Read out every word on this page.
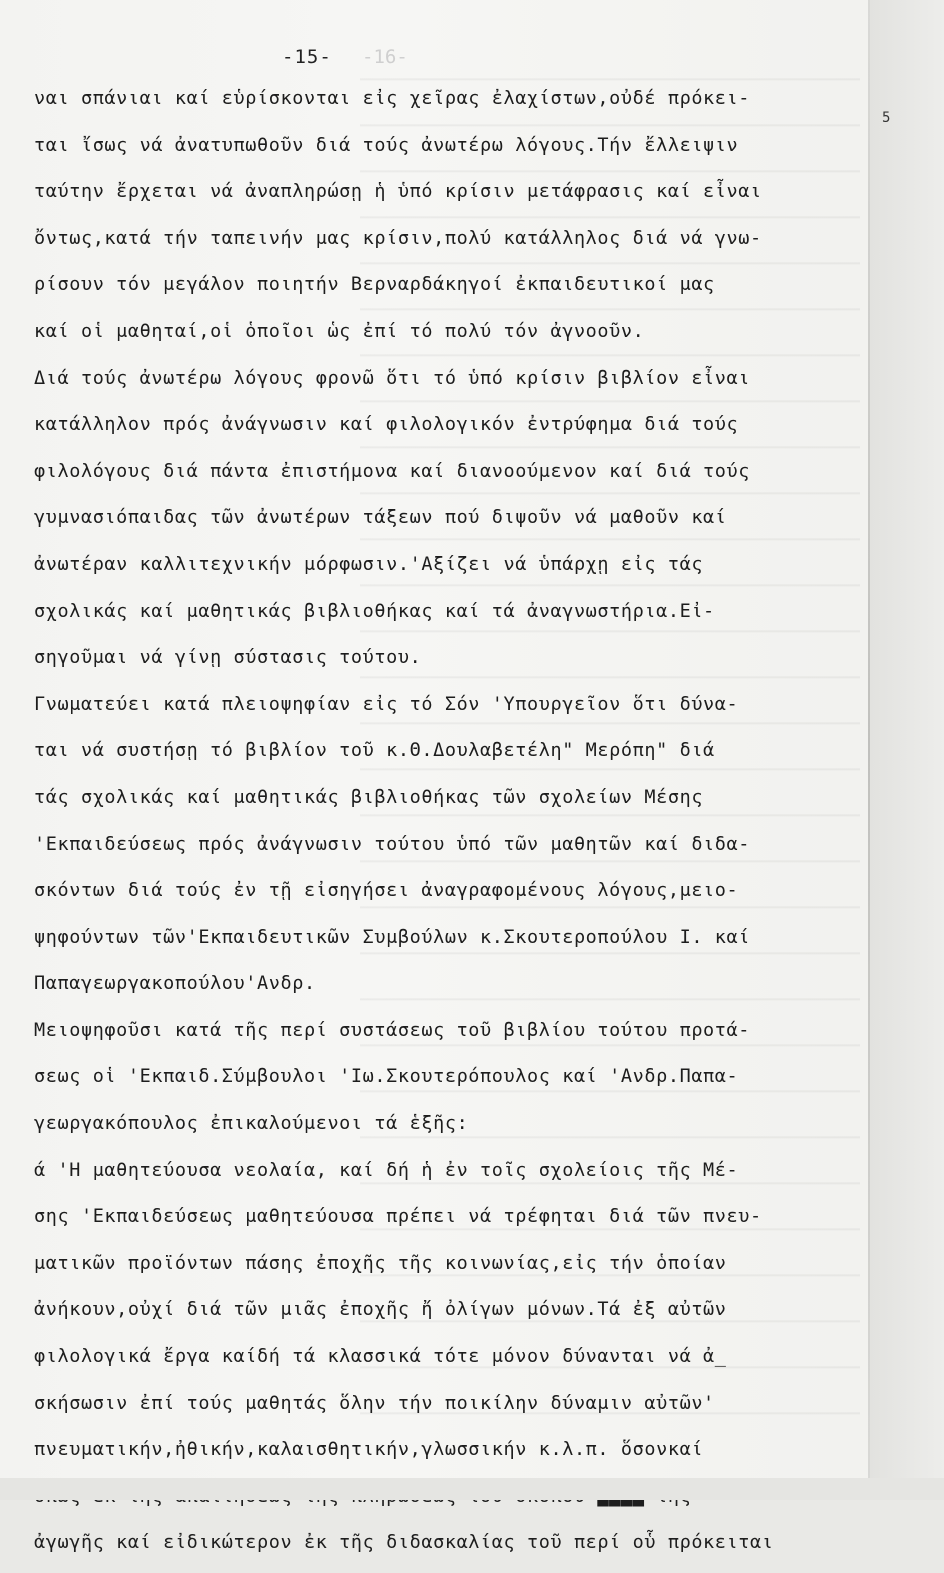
-16-
-15-
ναι σπάνιαι καί εὑρίσκονται εἰς χεῖρας ἐλαχίστων,οὐδέ πρόκει-
ται ἴσως νά ἀνατυπωθοῦν διά τούς ἀνωτέρω λόγους.Τήν ἔλλειψιν
ταύτην ἔρχεται νά ἀναπληρώσῃ ἡ ὑπό κρίσιν μετάφρασις καί εἶναι
ὄντως,κατά τήν ταπεινήν μας κρίσιν,πολύ κατάλληλος διά νά γνω-
ρίσουν τόν μεγάλον ποιητήν Βερναρδάκηγοί ἐκπαιδευτικοί μας
καί οἱ μαθηταί,οἱ ὁποῖοι ὡς ἐπί τό πολύ τόν ἀγνοοῦν.
Διά τούς ἀνωτέρω λόγους φρονῶ ὅτι τό ὑπό κρίσιν βιβλίον εἶναι
κατάλληλον πρός ἀνάγνωσιν καί φιλολογικόν ἐντρύφημα διά τούς
φιλολόγους διά πάντα ἐπιστήμονα καί διανοούμενον καί διά τούς
γυμνασιόπαιδας τῶν ἀνωτέρων τάξεων πού διψοῦν νά μαθοῦν καί
ἀνωτέραν καλλιτεχνικήν μόρφωσιν.'Αξίζει νά ὑπάρχῃ εἰς τάς
σχολικάς καί μαθητικάς βιβλιοθήκας καί τά ἀναγνωστήρια.Εἰ-
σηγοῦμαι νά γίνῃ σύστασις τούτου.
Γνωματεύει κατά πλειοψηφίαν εἰς τό Σόν 'Υπουργεῖον ὅτι δύνα-
ται νά συστήσῃ τό βιβλίον τοῦ κ.Θ.Δουλαβετέλη" Μερόπη" διά
τάς σχολικάς καί μαθητικάς βιβλιοθήκας τῶν σχολείων Μέσης
'Εκπαιδεύσεως πρός ἀνάγνωσιν τούτου ὑπό τῶν μαθητῶν καί διδα-
σκόντων διά τούς ἐν τῇ εἰσηγήσει ἀναγραφομένους λόγους,μειο-
ψηφούντων τῶν'Εκπαιδευτικῶν Συμβούλων κ.Σκουτεροπούλου Ι. καί
Παπαγεωργακοπούλου'Ανδρ.
Μειοψηφοῦσι κατά τῆς περί συστάσεως τοῦ βιβλίου τούτου προτά-
σεως οἱ 'Εκπαιδ.Σύμβουλοι 'Ιω.Σκουτερόπουλος καί 'Ανδρ.Παπα-
γεωργακόπουλος ἐπικαλούμενοι τά ἑξῆς:
ά 'Η μαθητεύουσα νεολαία, καί δή ἡ ἐν τοῖς σχολείοις τῆς Μέ-
σης 'Εκπαιδεύσεως μαθητεύουσα πρέπει νά τρέφηται διά τῶν πνευ-
ματικῶν προϊόντων πάσης ἐποχῆς τῆς κοινωνίας,εἰς τήν ὁποίαν
ἀνήκουν,οὐχί διά τῶν μιᾶς ἐποχῆς ἤ ὀλίγων μόνων.Τά ἐξ αὐτῶν
φιλολογικά ἔργα καίδή τά κλασσικά τότε μόνον δύνανται νά ἀ_
σκήσωσιν ἐπί τούς μαθητάς ὅλην τήν ποικίλην δύναμιν αὐτῶν'
πνευματικήν,ἠθικήν,καλαισθητικήν,γλωσσικήν κ.λ.π. ὅσονκαί
ἀγωγῆς καί εἰδικώτερον ἐκ τῆς διδασκαλίας τοῦ περί οὗ πρόκειται
5
